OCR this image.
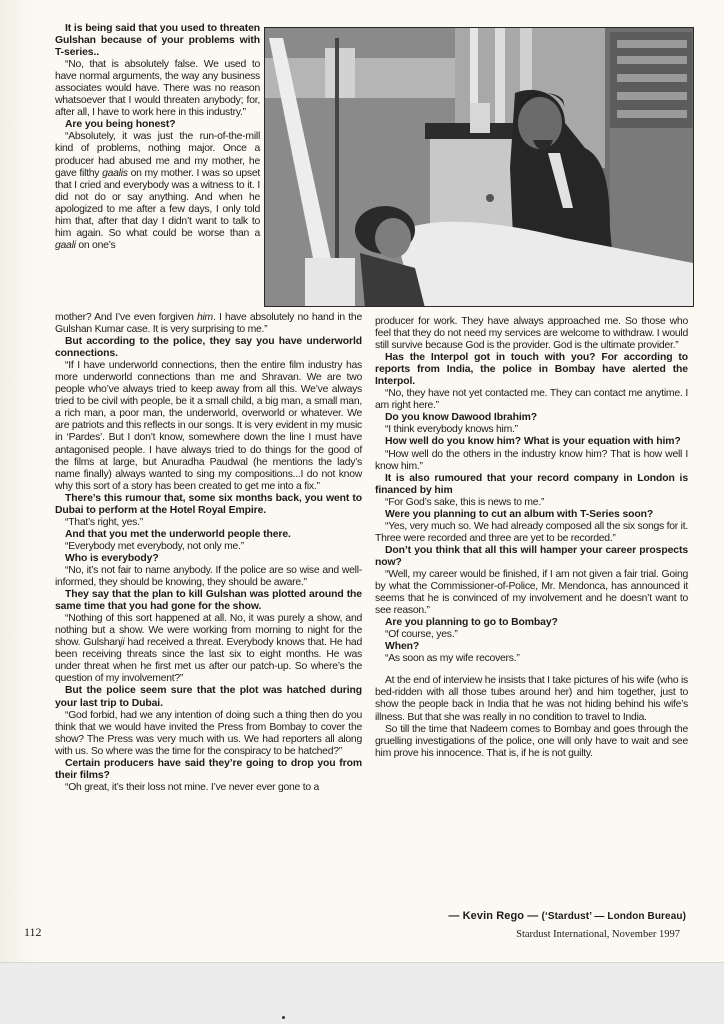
It is being said that you used to threaten Gulshan because of your problems with T-series..

“No, that is absolutely false. We used to have normal arguments, the way any business associates would have. There was no reason whatsoever that I would threaten anybody; for, after all, I have to work here in this industry.”

Are you being honest?

“Absolutely, it was just the run-of-the-mill kind of problems, nothing major. Once a producer had abused me and my mother, he gave filthy gaalis on my mother. I was so upset that I cried and everybody was a witness to it. I did not do or say anything. And when he apologized to me after a few days, I only told him that, after that day I didn’t want to talk to him again. So what could be worse than a gaali on one’s

mother? And I’ve even forgiven him. I have absolutely no hand in the Gulshan Kumar case. It is very surprising to me.”

But according to the police, they say you have underworld connections.

“If I have underworld connections, then the entire film industry has more underworld connections than me and Shravan. We are two people who’ve always tried to keep away from all this. We’ve always tried to be civil with people, be it a small child, a big man, a small man, a rich man, a poor man, the underworld, overworld or whatever. We are patriots and this reflects in our songs. It is very evident in my music in ‘Pardes’. But I don’t know, somewhere down the line I must have antagonised people. I have always tried to do things for the good of the films at large, but Anuradha Paudwal (he mentions the lady’s name finally) always wanted to sing my compositions...I do not know why this sort of a story has been created to get me into a fix.”

There’s this rumour that, some six months back, you went to Dubai to perform at the Hotel Royal Empire.

“That’s right, yes.”

And that you met the underworld people there.

“Everybody met everybody, not only me.”

Who is everybody?

“No, it’s not fair to name anybody. If the police are so wise and well-informed, they should be knowing, they should be aware.”

They say that the plan to kill Gulshan was plotted around the same time that you had gone for the show.

“Nothing of this sort happened at all. No, it was purely a show, and nothing but a show. We were working from morning to night for the show. Gulshanji had received a threat. Everybody knows that. He had been receiving threats since the last six to eight months. He was under threat when he first met us after our patch-up. So where’s the question of my involvement?”

But the police seem sure that the plot was hatched during your last trip to Dubai.

“God forbid, had we any intention of doing such a thing then do you think that we would have invited the Press from Bombay to cover the show? The Press was very much with us. We had reporters all along with us. So where was the time for the conspiracy to be hatched?”

Certain producers have said they’re going to drop you from their films?

“Oh great, it’s their loss not mine. I’ve never ever gone to a

producer for work. They have always approached me. So those who feel that they do not need my services are welcome to withdraw. I would still survive because God is the provider. God is the ultimate provider.”

Has the Interpol got in touch with you? For according to reports from India, the police in Bombay have alerted the Interpol.

“No, they have not yet contacted me. They can contact me anytime. I am right here.”

Do you know Dawood Ibrahim?

“I think everybody knows him.”

How well do you know him? What is your equation with him?

“How well do the others in the industry know him? That is how well I know him.”

It is also rumoured that your record company in London is financed by him

“For God’s sake, this is news to me.”

Were you planning to cut an album with T-Series soon?

“Yes, very much so. We had already composed all the six songs for it. Three were recorded and three are yet to be recorded.”

Don’t you think that all this will hamper your career prospects now?

“Well, my career would be finished, if I am not given a fair trial. Going by what the Commissioner-of-Police, Mr. Mendonca, has announced it seems that he is convinced of my involvement and he doesn’t want to see reason.”

Are you planning to go to Bombay?

“Of course, yes.”

When?

“As soon as my wife recovers.”

At the end of interview he insists that I take pictures of his wife (who is bed-ridden with all those tubes around her) and him together, just to show the people back in India that he was not hiding behind his wife’s illness. But that she was really in no condition to travel to India.

So till the time that Nadeem comes to Bombay and goes through the gruelling investigations of the police, one will only have to wait and see him prove his innocence. That is, if he is not guilty.

— Kevin Rego — (‘Stardust’ — London Bureau)
Stardust International, November 1997
112
